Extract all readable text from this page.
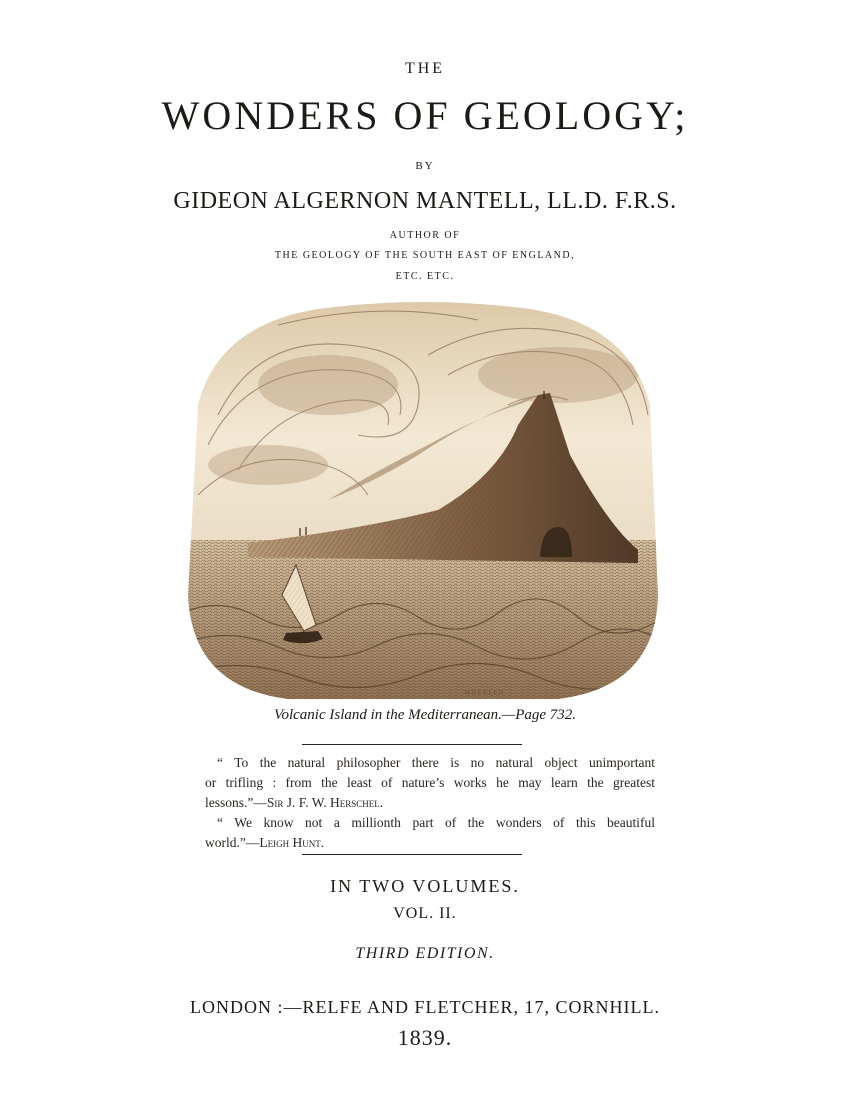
THE
WONDERS OF GEOLOGY;
BY
GIDEON ALGERNON MANTELL, LL.D. F.R.S.
AUTHOR OF
THE GEOLOGY OF THE SOUTH EAST OF ENGLAND,
ETC. ETC.
WHEELER
Volcanic Island in the Mediterranean.—Page 732.
“ To the natural philosopher there is no natural object unimportant
or trifling : from the least of nature’s works he may learn the greatest
lessons.”—Sir J. F. W. Herschel.
“ We know not a millionth part of the wonders of this beautiful
world.”—Leigh Hunt.
IN TWO VOLUMES.
VOL. II.
THIRD EDITION.
LONDON :—RELFE AND FLETCHER, 17, CORNHILL.
1839.
